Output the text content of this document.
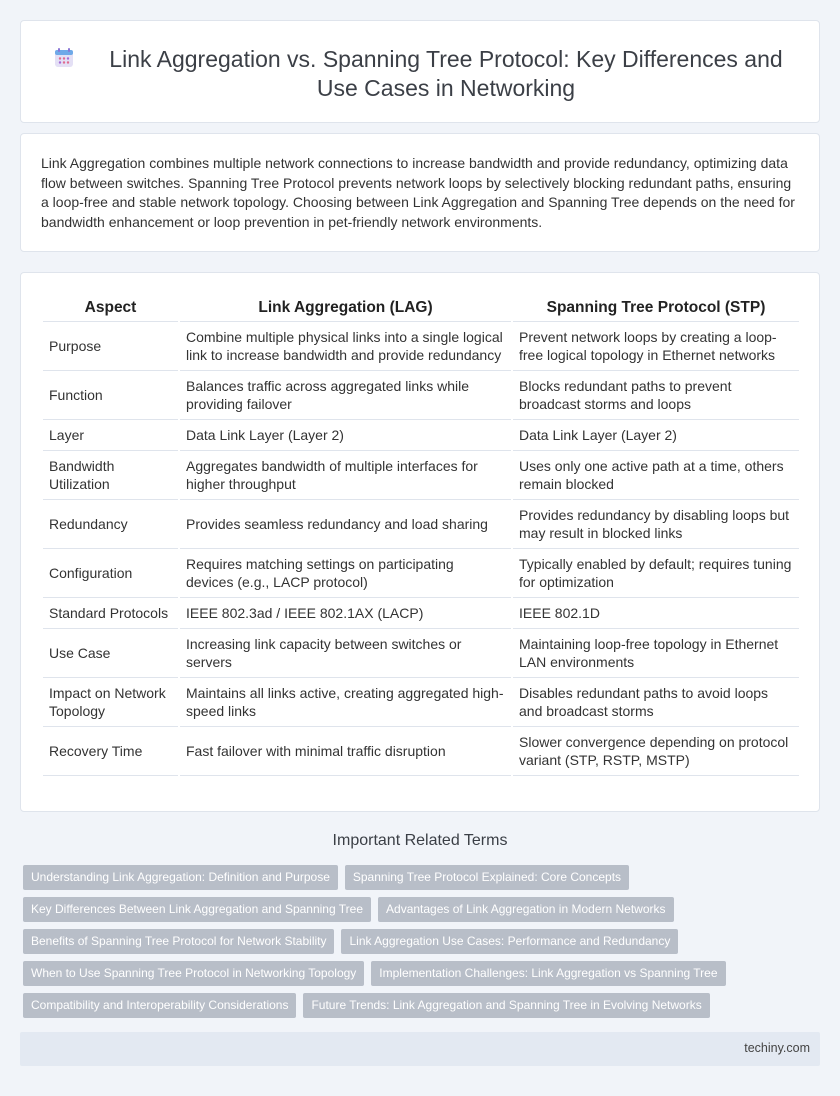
Link Aggregation vs. Spanning Tree Protocol: Key Differences and Use Cases in Networking

Link Aggregation combines multiple network connections to increase bandwidth and provide redundancy, optimizing data flow between switches. Spanning Tree Protocol prevents network loops by selectively blocking redundant paths, ensuring a loop-free and stable network topology. Choosing between Link Aggregation and Spanning Tree depends on the need for bandwidth enhancement or loop prevention in pet-friendly network environments.

Aspect	Link Aggregation (LAG)	Spanning Tree Protocol (STP)
Purpose	Combine multiple physical links into a single logical link to increase bandwidth and provide redundancy	Prevent network loops by creating a loop-free logical topology in Ethernet networks
Function	Balances traffic across aggregated links while providing failover	Blocks redundant paths to prevent broadcast storms and loops
Layer	Data Link Layer (Layer 2)	Data Link Layer (Layer 2)
Bandwidth Utilization	Aggregates bandwidth of multiple interfaces for higher throughput	Uses only one active path at a time, others remain blocked
Redundancy	Provides seamless redundancy and load sharing	Provides redundancy by disabling loops but may result in blocked links
Configuration	Requires matching settings on participating devices (e.g., LACP protocol)	Typically enabled by default; requires tuning for optimization
Standard Protocols	IEEE 802.3ad / IEEE 802.1AX (LACP)	IEEE 802.1D
Use Case	Increasing link capacity between switches or servers	Maintaining loop-free topology in Ethernet LAN environments
Impact on Network Topology	Maintains all links active, creating aggregated high-speed links	Disables redundant paths to avoid loops and broadcast storms
Recovery Time	Fast failover with minimal traffic disruption	Slower convergence depending on protocol variant (STP, RSTP, MSTP)
Important Related Terms
Understanding Link Aggregation: Definition and Purpose	Spanning Tree Protocol Explained: Core Concepts
Key Differences Between Link Aggregation and Spanning Tree	Advantages of Link Aggregation in Modern Networks
Benefits of Spanning Tree Protocol for Network Stability	Link Aggregation Use Cases: Performance and Redundancy
When to Use Spanning Tree Protocol in Networking Topology	Implementation Challenges: Link Aggregation vs Spanning Tree
Compatibility and Interoperability Considerations	Future Trends: Link Aggregation and Spanning Tree in Evolving Networks
techiny.com
